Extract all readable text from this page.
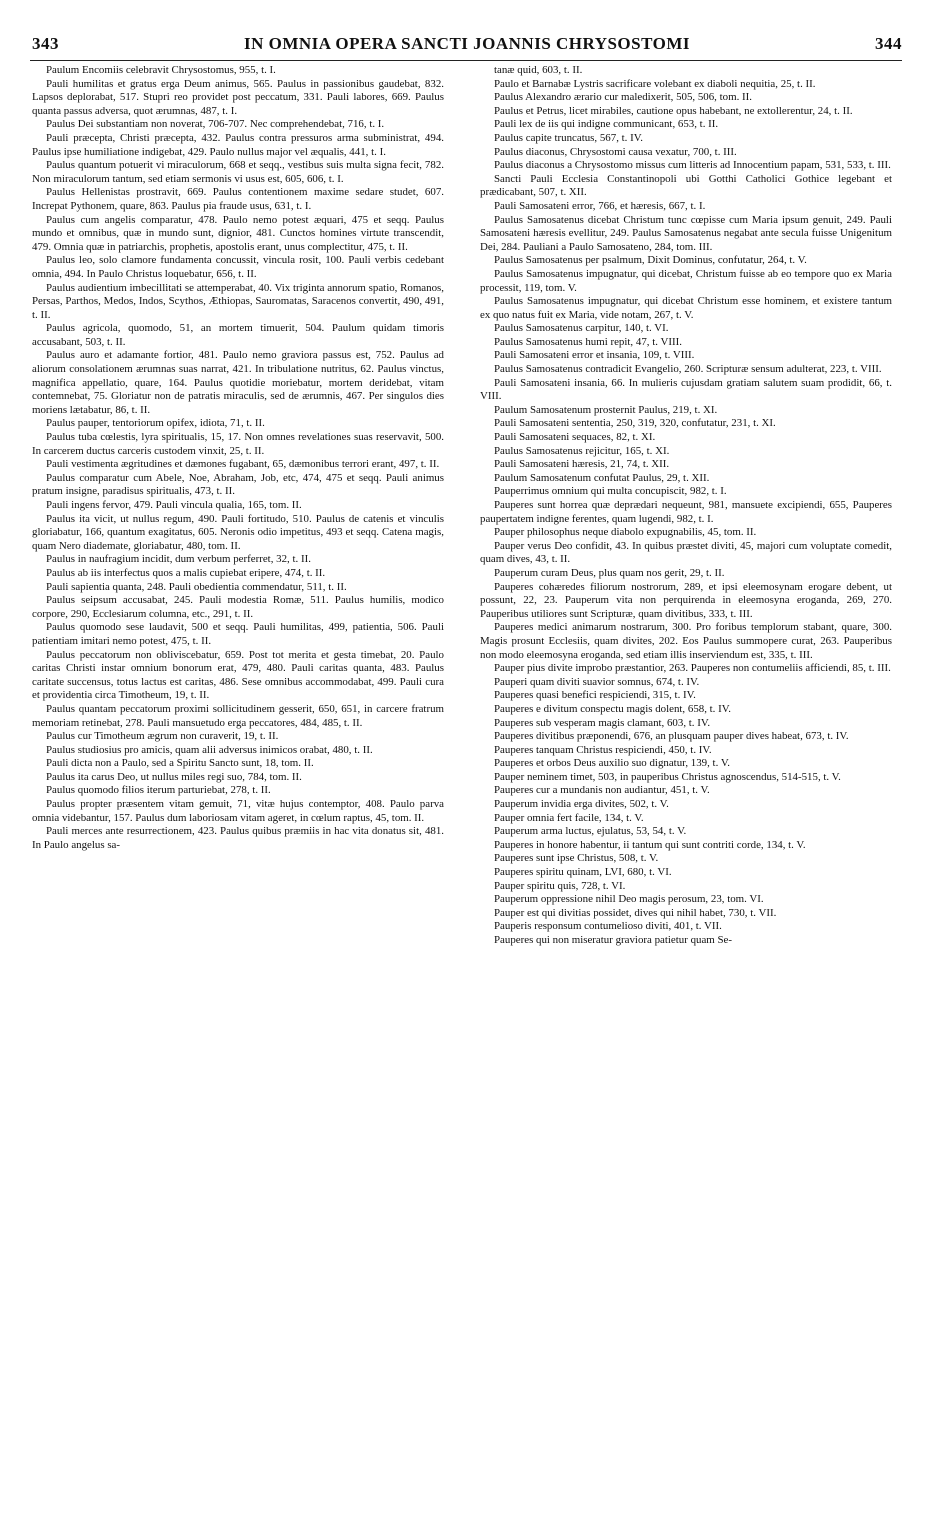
343	IN OMNIA OPERA SANCTI JOANNIS CHRYSOSTOMI	344

Paulum Encomiis celebravit Chrysostomus, 955, t. I.

Pauli humilitas et gratus erga Deum animus, 565. Paulus in passionibus gaudebat, 832. Lapsos deplorabat, 517. Stupri reo providet post peccatum, 331. Pauli labores, 669. Paulus quanta passus adversa, quot ærumnas, 487, t. I.

Paulus Dei substantiam non noverat, 706-707. Nec comprehendebat, 716, t. I.

Pauli præcepta, Christi præcepta, 432. Paulus contra pressuros arma subministrat, 494. Paulus ipse humiliatione indigebat, 429. Paulo nullus major vel æqualis, 441, t. I.

Paulus quantum potuerit vi miraculorum, 668 et seqq., vestibus suis multa signa fecit, 782. Non miraculorum tantum, sed etiam sermonis vi usus est, 605, 606, t. I.

Paulus Hellenistas prostravit, 669. Paulus contentionem maxime sedare studet, 607. Increpat Pythonem, quare, 863. Paulus pia fraude usus, 631, t. I.

Paulus cum angelis comparatur, 478. Paulo nemo potest æquari, 475 et seqq. Paulus mundo et omnibus, quæ in mundo sunt, dignior, 481. Cunctos homines virtute transcendit, 479. Omnia quæ in patriarchis, prophetis, apostolis erant, unus complectitur, 475, t. II.

Paulus leo, solo clamore fundamenta concussit, vincula rosit, 100. Pauli verbis cedebant omnia, 494. In Paulo Christus loquebatur, 656, t. II.

Paulus audientium imbecillitati se attemperabat, 40. Vix triginta annorum spatio, Romanos, Persas, Parthos, Medos, Indos, Scythos, Æthiopas, Sauromatas, Saracenos convertit, 490, 491, t. II.

Paulus agricola, quomodo, 51, an mortem timuerit, 504. Paulum quidam timoris accusabant, 503, t. II.

Paulus auro et adamante fortior, 481. Paulo nemo graviora passus est, 752. Paulus ad aliorum consolationem ærumnas suas narrat, 421. In tribulatione nutritus, 62. Paulus vinctus, magnifica appellatio, quare, 164. Paulus quotidie moriebatur, mortem deridebat, vitam contemnebat, 75. Gloriatur non de patratis miraculis, sed de ærumnis, 467. Per singulos dies moriens lætabatur, 86, t. II.

Paulus pauper, tentoriorum opifex, idiota, 71, t. II.

Paulus tuba cœlestis, lyra spiritualis, 15, 17. Non omnes revelationes suas reservavit, 500. In carcerem ductus carceris custodem vinxit, 25, t. II.

Pauli vestimenta ægritudines et dæmones fugabant, 65, dæmonibus terrori erant, 497, t. II.

Paulus comparatur cum Abele, Noe, Abraham, Job, etc, 474, 475 et seqq. Pauli animus pratum insigne, paradisus spiritualis, 473, t. II.

Pauli ingens fervor, 479. Pauli vincula qualia, 165, tom. II.

Paulus ita vicit, ut nullus regum, 490. Pauli fortitudo, 510. Paulus de catenis et vinculis gloriabatur, 166, quantum exagitatus, 605. Neronis odio impetitus, 493 et seqq. Catena magis, quam Nero diademate, gloriabatur, 480, tom. II.

Paulus in naufragium incidit, dum verbum perferret, 32, t. II.

Paulus ab iis interfectus quos a malis cupiebat eripere, 474, t. II.

Pauli sapientia quanta, 248. Pauli obedientia commendatur, 511, t. II.

Paulus seipsum accusabat, 245. Pauli modestia Romæ, 511. Paulus humilis, modico corpore, 290, Ecclesiarum columna, etc., 291, t. II.

Paulus quomodo sese laudavit, 500 et seqq. Pauli humilitas, 499, patientia, 506. Pauli patientiam imitari nemo potest, 475, t. II.

Paulus peccatorum non obliviscebatur, 659. Post tot merita et gesta timebat, 20. Paulo caritas Christi instar omnium bonorum erat, 479, 480. Pauli caritas quanta, 483. Paulus caritate succensus, totus lactus est caritas, 486. Sese omnibus accommodabat, 499. Pauli cura et providentia circa Timotheum, 19, t. II.

Paulus quantam peccatorum proximi sollicitudinem gesserit, 650, 651, in carcere fratrum memoriam retinebat, 278. Pauli mansuetudo erga peccatores, 484, 485, t. II.

Paulus cur Timotheum ægrum non curaverit, 19, t. II.

Paulus studiosius pro amicis, quam alii adversus inimicos orabat, 480, t. II.

Pauli dicta non a Paulo, sed a Spiritu Sancto sunt, 18, tom. II.

Paulus ita carus Deo, ut nullus miles regi suo, 784, tom. II.

Paulus quomodo filios iterum parturiebat, 278, t. II.

Paulus propter præsentem vitam gemuit, 71, vitæ hujus contemptor, 408. Paulo parva omnia videbantur, 157. Paulus dum laboriosam vitam ageret, in cœlum raptus, 45, tom. II.

Pauli merces ante resurrectionem, 423. Paulus quibus præmiis in hac vita donatus sit, 481. In Paulo angelus sa-

tanæ quid, 603, t. II.

Paulo et Barnabæ Lystris sacrificare volebant ex diaboli nequitia, 25, t. II.

Paulus Alexandro ærario cur maledixerit, 505, 506, tom. II.

Paulus et Petrus, licet mirabiles, cautione opus habebant, ne extollerentur, 24, t. II.

Pauli lex de iis qui indigne communicant, 653, t. II.

Paulus capite truncatus, 567, t. IV.

Paulus diaconus, Chrysostomi causa vexatur, 700, t. III.

Paulus diaconus a Chrysostomo missus cum litteris ad Innocentium papam, 531, 533, t. III.

Sancti Pauli Ecclesia Constantinopoli ubi Gotthi Catholici Gothice legebant et prædicabant, 507, t. XII.

Pauli Samosateni error, 766, et hæresis, 667, t. I.

Paulus Samosatenus dicebat Christum tunc cœpisse cum Maria ipsum genuit, 249. Pauli Samosateni hæresis evellitur, 249. Paulus Samosatenus negabat ante secula fuisse Unigenitum Dei, 284. Pauliani a Paulo Samosateno, 284, tom. III.

Paulus Samosatenus per psalmum, Dixit Dominus, confutatur, 264, t. V.

Paulus Samosatenus impugnatur, qui dicebat, Christum fuisse ab eo tempore quo ex Maria processit, 119, tom. V.

Paulus Samosatenus impugnatur, qui dicebat Christum esse hominem, et existere tantum ex quo natus fuit ex Maria, vide notam, 267, t. V.

Paulus Samosatenus carpitur, 140, t. VI.

Paulus Samosatenus humi repit, 47, t. VIII.

Pauli Samosateni error et insania, 109, t. VIII.

Paulus Samosatenus contradicit Evangelio, 260. Scripturæ sensum adulterat, 223, t. VIII.

Pauli Samosateni insania, 66. In mulieris cujusdam gratiam salutem suam prodidit, 66, t. VIII.

Paulum Samosatenum prosternit Paulus, 219, t. XI.

Pauli Samosateni sententia, 250, 319, 320, confutatur, 231, t. XI.

Pauli Samosateni sequaces, 82, t. XI.

Paulus Samosatenus rejicitur, 165, t. XI.

Pauli Samosateni hæresis, 21, 74, t. XII.

Paulum Samosatenum confutat Paulus, 29, t. XII.

Pauperrimus omnium qui multa concupiscit, 982, t. I.

Pauperes sunt horrea quæ deprædari nequeunt, 981, mansuete excipiendi, 655, Pauperes paupertatem indigne ferentes, quam lugendi, 982, t. I.

Pauper philosophus neque diabolo expugnabilis, 45, tom. II.

Pauper verus Deo confidit, 43. In quibus præstet diviti, 45, majori cum voluptate comedit, quam dives, 43, t. II.

Pauperum curam Deus, plus quam nos gerit, 29, t. II.

Pauperes cohæredes filiorum nostrorum, 289, et ipsi eleemosynam erogare debent, ut possunt, 22, 23. Pauperum vita non perquirenda in eleemosyna eroganda, 269, 270. Pauperibus utiliores sunt Scripturæ, quam divitibus, 333, t. III.

Pauperes medici animarum nostrarum, 300. Pro foribus templorum stabant, quare, 300. Magis prosunt Ecclesiis, quam divites, 202. Eos Paulus summopere curat, 263. Pauperibus non modo eleemosyna eroganda, sed etiam illis inserviendum est, 335, t. III.

Pauper pius divite improbo præstantior, 263. Pauperes non contumeliis afficiendi, 85, t. III.

Pauperi quam diviti suavior somnus, 674, t. IV.

Pauperes quasi benefici respiciendi, 315, t. IV.

Pauperes e divitum conspectu magis dolent, 658, t. IV.

Pauperes sub vesperam magis clamant, 603, t. IV.

Pauperes divitibus præponendi, 676, an plusquam pauper dives habeat, 673, t. IV.

Pauperes tanquam Christus respiciendi, 450, t. IV.

Pauperes et orbos Deus auxilio suo dignatur, 139, t. V.

Pauper neminem timet, 503, in pauperibus Christus agnoscendus, 514-515, t. V.

Pauperes cur a mundanis non audiantur, 451, t. V.

Pauperum invidia erga divites, 502, t. V.

Pauper omnia fert facile, 134, t. V.

Pauperum arma luctus, ejulatus, 53, 54, t. V.

Pauperes in honore habentur, ii tantum qui sunt contriti corde, 134, t. V.

Pauperes sunt ipse Christus, 508, t. V.

Pauperes spiritu quinam, LVI, 680, t. VI.

Pauper spiritu quis, 728, t. VI.

Pauperum oppressione nihil Deo magis perosum, 23, tom. VI.

Pauper est qui divitias possidet, dives qui nihil habet, 730, t. VII.

Pauperis responsum contumelioso diviti, 401, t. VII.

Pauperes qui non miseratur graviora patietur quam Se-
